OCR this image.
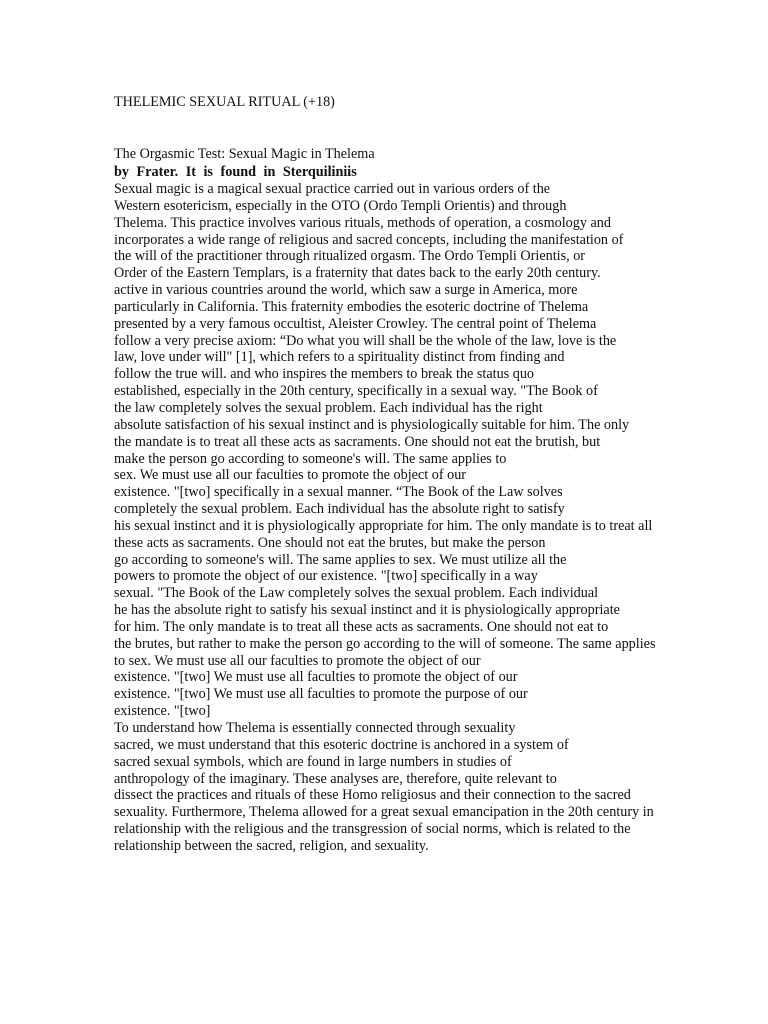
THELEMIC SEXUAL RITUAL (+18)
The Orgasmic Test: Sexual Magic in Thelema

by Frater. It is found in Sterquiliniis

Sexual magic is a magical sexual practice carried out in various orders of the
Western esotericism, especially in the OTO (Ordo Templi Orientis) and through
Thelema. This practice involves various rituals, methods of operation, a cosmology and
incorporates a wide range of religious and sacred concepts, including the manifestation of
the will of the practitioner through ritualized orgasm. The Ordo Templi Orientis, or
Order of the Eastern Templars, is a fraternity that dates back to the early 20th century.
active in various countries around the world, which saw a surge in America, more
particularly in California. This fraternity embodies the esoteric doctrine of Thelema
presented by a very famous occultist, Aleister Crowley. The central point of Thelema
follow a very precise axiom: “Do what you will shall be the whole of the law, love is the
law, love under will" [1], which refers to a spirituality distinct from finding and
follow the true will. and who inspires the members to break the status quo
established, especially in the 20th century, specifically in a sexual way. "The Book of
the law completely solves the sexual problem. Each individual has the right
absolute satisfaction of his sexual instinct and is physiologically suitable for him. The only
the mandate is to treat all these acts as sacraments. One should not eat the brutish, but
make the person go according to someone's will. The same applies to
sex. We must use all our faculties to promote the object of our
existence. "[two] specifically in a sexual manner. “The Book of the Law solves
completely the sexual problem. Each individual has the absolute right to satisfy
his sexual instinct and it is physiologically appropriate for him. The only mandate is to treat all
these acts as sacraments. One should not eat the brutes, but make the person
go according to someone's will. The same applies to sex. We must utilize all the
powers to promote the object of our existence. "[two] specifically in a way
sexual. "The Book of the Law completely solves the sexual problem. Each individual
he has the absolute right to satisfy his sexual instinct and it is physiologically appropriate
for him. The only mandate is to treat all these acts as sacraments. One should not eat to
the brutes, but rather to make the person go according to the will of someone. The same applies
to sex. We must use all our faculties to promote the object of our
existence. "[two] We must use all faculties to promote the object of our
existence. "[two] We must use all faculties to promote the purpose of our
existence. "[two]
To understand how Thelema is essentially connected through sexuality
sacred, we must understand that this esoteric doctrine is anchored in a system of
sacred sexual symbols, which are found in large numbers in studies of
anthropology of the imaginary. These analyses are, therefore, quite relevant to
dissect the practices and rituals of these Homo religiosus and their connection to the sacred
sexuality. Furthermore, Thelema allowed for a great sexual emancipation in the 20th century in
relationship with the religious and the transgression of social norms, which is related to the
relationship between the sacred, religion, and sexuality.
